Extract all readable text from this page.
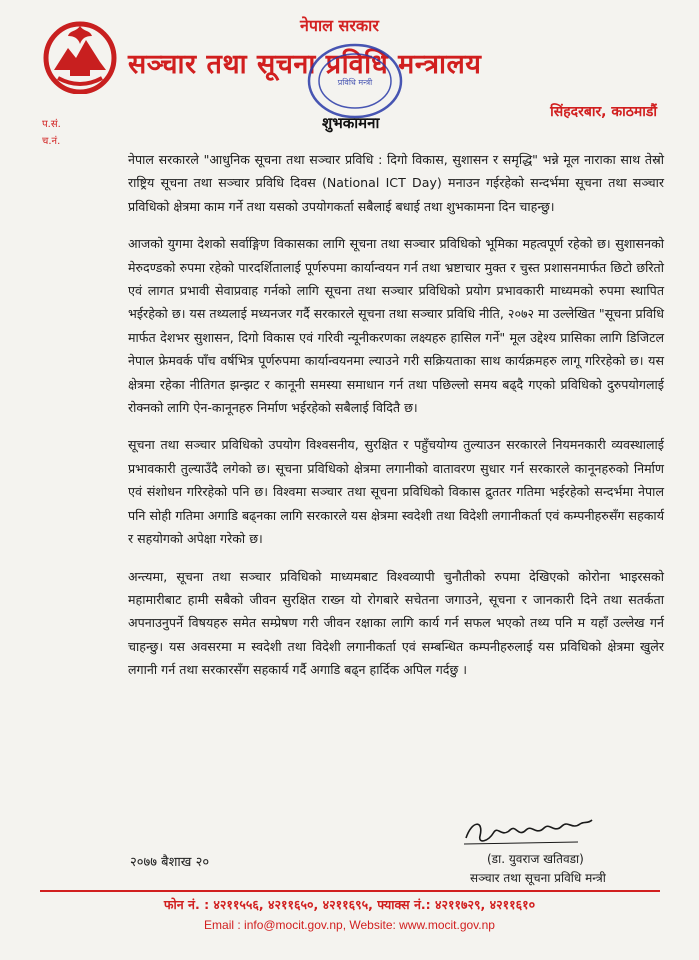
नेपाल सरकार
सञ्चार तथा सूचना प्रविधि मन्त्रालय
प्रविधि मन्त्री
सिंहदरबार, काठमाडौं
शुभकामना
प.सं.
च.नं.

नेपाल सरकारले "आधुनिक सूचना तथा सञ्चार प्रविधि : दिगो विकास, सुशासन र समृद्धि" भन्ने मूल नाराका साथ तेस्रो राष्ट्रिय सूचना तथा सञ्चार प्रविधि दिवस (National ICT Day) मनाउन गईरहेको सन्दर्भमा सूचना तथा सञ्चार प्रविधिको क्षेत्रमा काम गर्ने तथा यसको उपयोगकर्ता सबैलाई बधाई तथा शुभकामना दिन चाहन्छु।

आजको युगमा देशको सर्वाङ्गिण विकासका लागि सूचना तथा सञ्चार प्रविधिको भूमिका महत्वपूर्ण रहेको छ। सुशासनको मेरुदण्डको रुपमा रहेको पारदर्शितालाई पूर्णरुपमा कार्यान्वयन गर्न तथा भ्रष्टाचार मुक्त र चुस्त प्रशासनमार्फत छिटो छरितो एवं लागत प्रभावी सेवाप्रवाह गर्नको लागि सूचना तथा सञ्चार प्रविधिको प्रयोग प्रभावकारी माध्यमको रुपमा स्थापित भईरहेको छ। यस तथ्यलाई मध्यनजर गर्दै सरकारले सूचना तथा सञ्चार प्रविधि नीति, २०७२ मा उल्लेखित "सूचना प्रविधि मार्फत देशभर सुशासन, दिगो विकास एवं गरिवी न्यूनीकरणका लक्ष्यहरु हासिल गर्ने" मूल उद्देश्य प्रासिका लागि डिजिटल नेपाल फ्रेमवर्क पाँच वर्षभित्र पूर्णरुपमा कार्यान्वयनमा ल्याउने गरी सक्रियताका साथ कार्यक्रमहरु लागू गरिरहेको छ। यस क्षेत्रमा रहेका नीतिगत झन्झट र कानूनी समस्या समाधान गर्न तथा पछिल्लो समय बढ्दै गएको प्रविधिको दुरुपयोगलाई रोक्नको लागि ऐन-कानूनहरु निर्माण भईरहेको सबैलाई विदितै छ।

सूचना तथा सञ्चार प्रविधिको उपयोग विश्वसनीय, सुरक्षित र पहुँचयोग्य तुल्याउन सरकारले नियमनकारी व्यवस्थालाई प्रभावकारी तुल्याउँदै लगेको छ। सूचना प्रविधिको क्षेत्रमा लगानीको वातावरण सुधार गर्न सरकारले कानूनहरुको निर्माण एवं संशोधन गरिरहेको पनि छ। विश्वमा सञ्चार तथा सूचना प्रविधिको विकास द्रुततर गतिमा भईरहेको सन्दर्भमा नेपाल पनि सोही गतिमा अगाडि बढ्नका लागि सरकारले यस क्षेत्रमा स्वदेशी तथा विदेशी लगानीकर्ता एवं कम्पनीहरुसँग सहकार्य र सहयोगको अपेक्षा गरेको छ।

अन्त्यमा, सूचना तथा सञ्चार प्रविधिको माध्यमबाट विश्वव्यापी चुनौतीको रुपमा देखिएको कोरोना भाइरसको महामारीबाट हामी सबैको जीवन सुरक्षित राख्न यो रोगबारे सचेतना जगाउने, सूचना र जानकारी दिने तथा सतर्कता अपनाउनुपर्ने विषयहरु समेत सम्प्रेषण गरी जीवन रक्षाका लागि कार्य गर्न सफल भएको तथ्य पनि म यहाँ उल्लेख गर्न चाहन्छु। यस अवसरमा म स्वदेशी तथा विदेशी लगानीकर्ता एवं सम्बन्धित कम्पनीहरुलाई यस प्रविधिको क्षेत्रमा खुलेर लगानी गर्न तथा सरकारसँग सहकार्य गर्दै अगाडि बढ्न हार्दिक अपिल गर्दछु ।

२०७७ बैशाख २०	(डा. युवराज खतिवडा)
सञ्चार तथा सूचना प्रविधि मन्त्री
फोन नं. : ४२११५५६, ४२११६५०, ४२११६९५, फ्याक्स नं.: ४२११७२९, ४२११६१०
Email : info@mocit.gov.np, Website: www.mocit.gov.np
